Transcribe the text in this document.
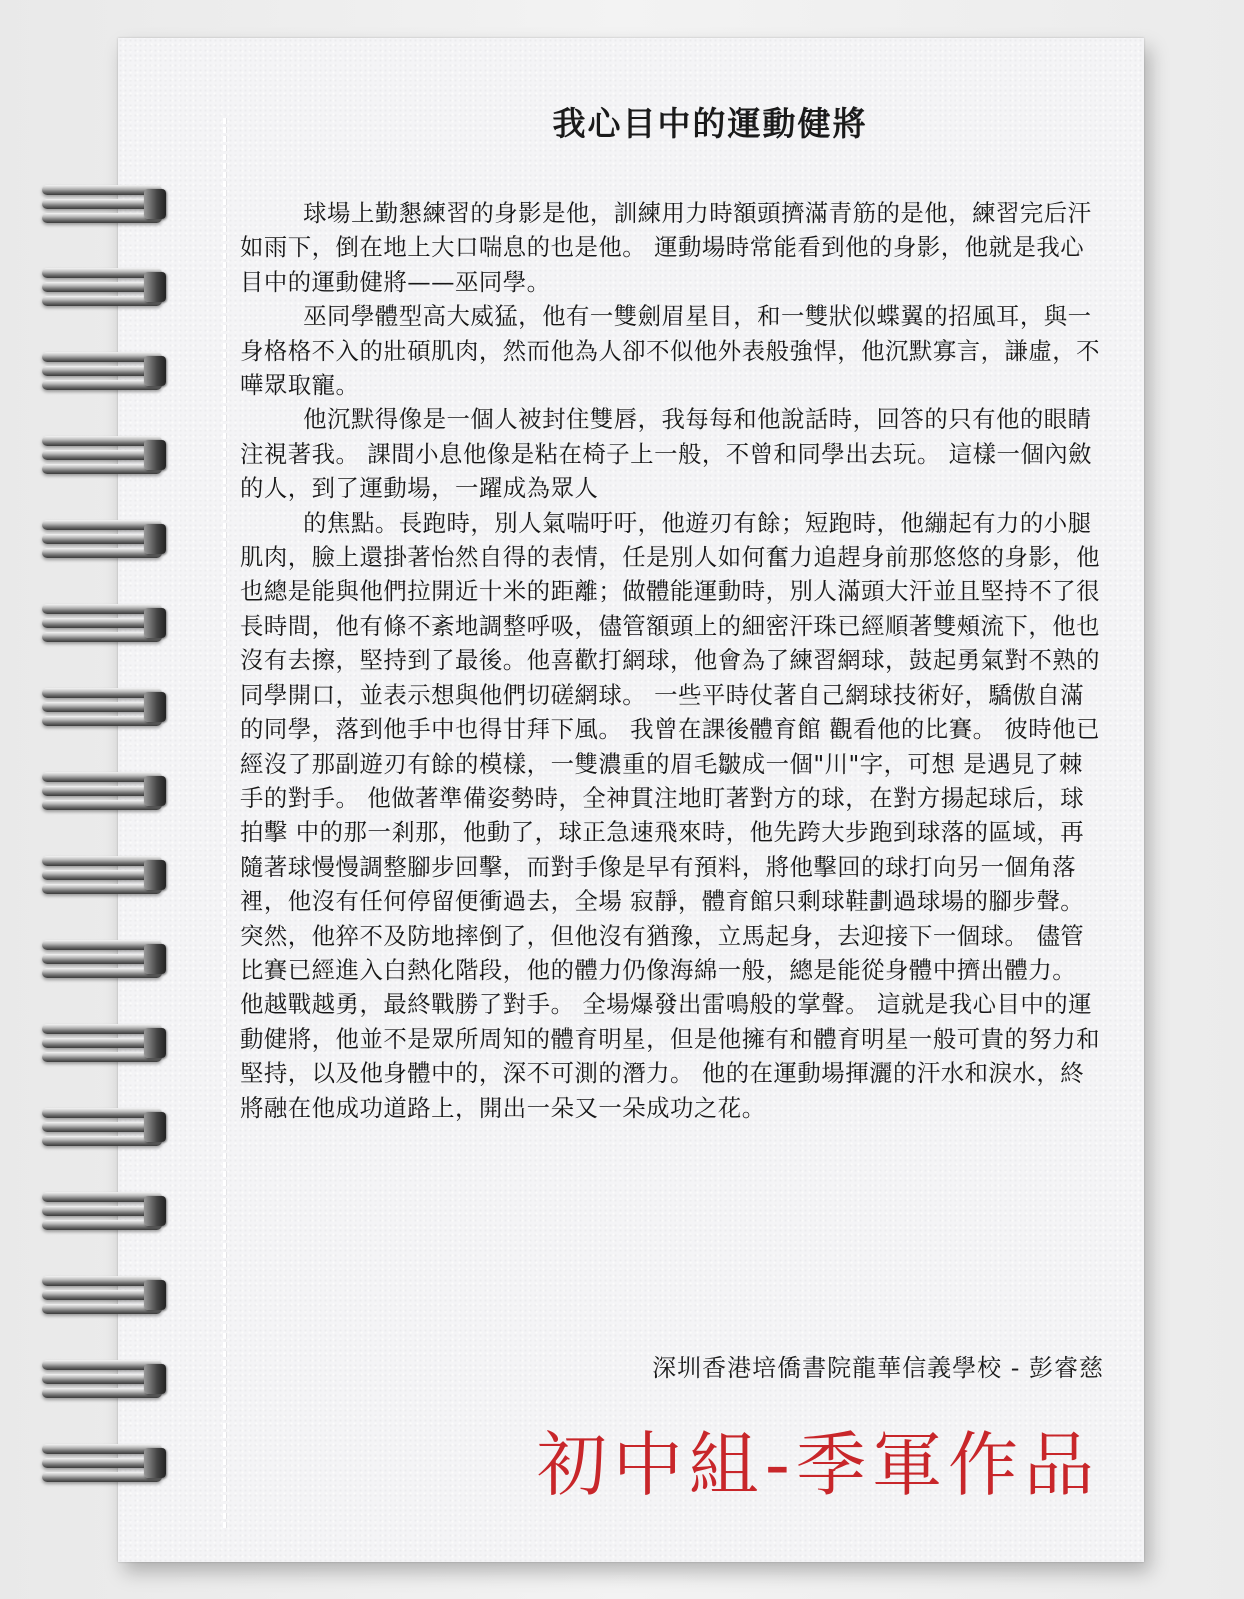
我心目中的運動健將

球場上勤懇練習的身影是他，訓練用力時額頭擠滿青筋的是他，練習完后汗如雨下，倒在地上大口喘息的也是他。 運動場時常能看到他的身影，他就是我心目中的運動健將——巫同學。

巫同學體型高大威猛，他有一雙劍眉星目，和一雙狀似蝶翼的招風耳，與一身格格不入的壯碩肌肉，然而他為人卻不似他外表般強悍，他沉默寡言，謙虛，不嘩眾取寵。

他沉默得像是一個人被封住雙唇，我每每和他說話時，回答的只有他的眼睛注視著我。 課間小息他像是粘在椅子上一般，不曾和同學出去玩。 這樣一個內斂的人，到了運動場，一躍成為眾人

的焦點。長跑時，別人氣喘吁吁，他遊刃有餘；短跑時，他繃起有力的小腿肌肉，臉上還掛著怡然自得的表情，任是別人如何奮力追趕身前那悠悠的身影，他也總是能與他們拉開近十米的距離；做體能運動時，別人滿頭大汗並且堅持不了很長時間，他有條不紊地調整呼吸，儘管額頭上的細密汗珠已經順著雙頰流下，他也沒有去擦，堅持到了最後。他喜歡打網球，他會為了練習網球，鼓起勇氣對不熟的同學開口，並表示想與他們切磋網球。 一些平時仗著自己網球技術好，驕傲自滿的同學，落到他手中也得甘拜下風。 我曾在課後體育館 觀看他的比賽。 彼時他已經沒了那副遊刃有餘的模樣，一雙濃重的眉毛皺成一個"川"字，可想 是遇見了棘手的對手。 他做著準備姿勢時，全神貫注地盯著對方的球，在對方揚起球后，球拍擊 中的那一剎那，他動了，球正急速飛來時，他先跨大步跑到球落的區域，再隨著球慢慢調整腳步回擊，而對手像是早有預料，將他擊回的球打向另一個角落裡，他沒有任何停留便衝過去，全場 寂靜，體育館只剩球鞋劃過球場的腳步聲。 突然，他猝不及防地摔倒了，但他沒有猶豫，立馬起身，去迎接下一個球。 儘管比賽已經進入白熱化階段，他的體力仍像海綿一般，總是能從身體中擠出體力。 他越戰越勇，最終戰勝了對手。 全場爆發出雷鳴般的掌聲。 這就是我心目中的運動健將，他並不是眾所周知的體育明星，但是他擁有和體育明星一般可貴的努力和堅持，以及他身體中的，深不可測的潛力。 他的在運動場揮灑的汗水和淚水，終將融在他成功道路上，開出一朵又一朵成功之花。

深圳香港培僑書院龍華信義學校 - 彭睿慈
初中組-季軍作品
